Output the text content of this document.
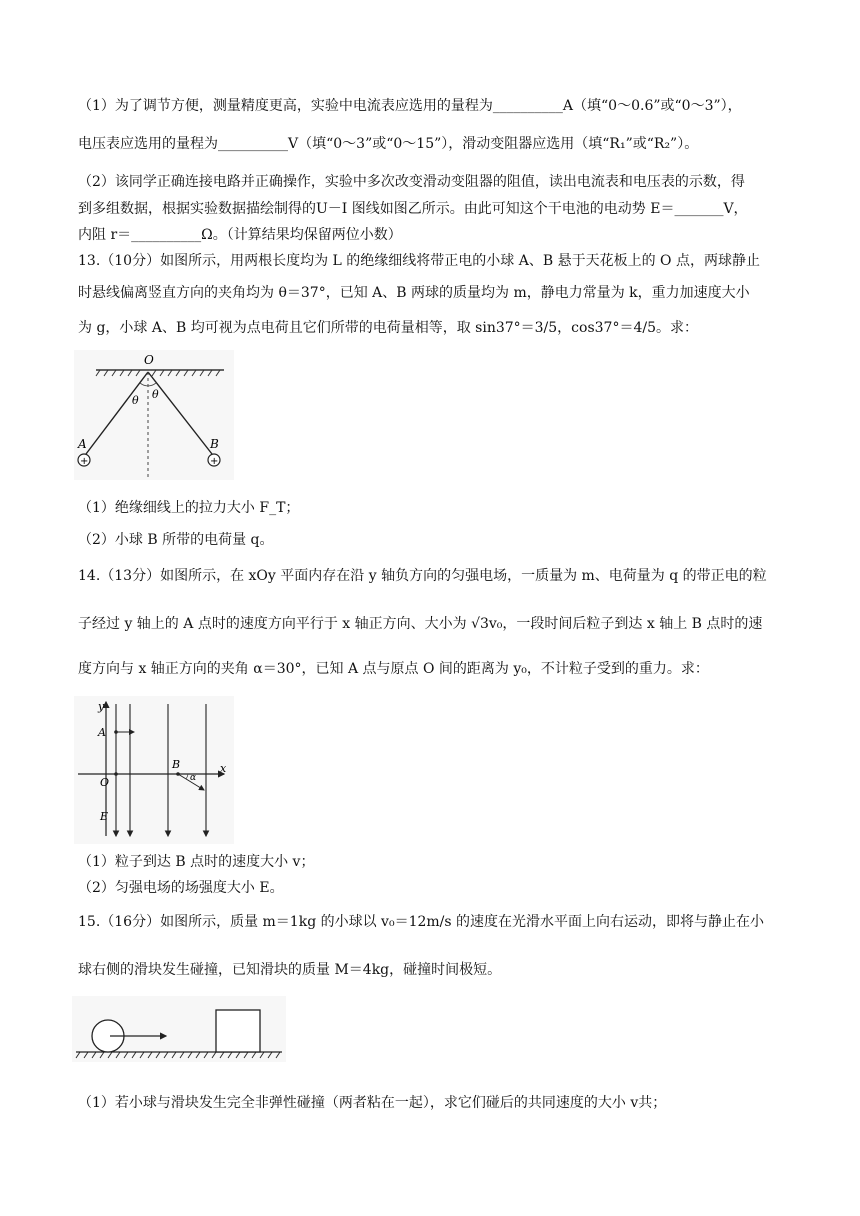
（1）为了调节方便，测量精度更高，实验中电流表应选用的量程为__________A（填“0～0.6”或“0～3”），
电压表应选用的量程为__________V（填“0～3”或“0～15”），滑动变阻器应选用（填“R₁”或“R₂”）。
（2）该同学正确连接电路并正确操作，实验中多次改变滑动变阻器的阻值，读出电流表和电压表的示数，得
到多组数据，根据实验数据描绘制得的U－I 图线如图乙所示。由此可知这个干电池的电动势 E＝_______V，
内阻 r＝__________Ω。（计算结果均保留两位小数）
13.（10分）如图所示，用两根长度均为 L 的绝缘细线将带正电的小球 A、B 悬于天花板上的 O 点，两球静止
时悬线偏离竖直方向的夹角均为 θ＝37°，已知 A、B 两球的质量均为 m，静电力常量为 k，重力加速度大小
为 g，小球 A、B 均可视为点电荷且它们所带的电荷量相等，取 sin37°＝3/5，cos37°＝4/5。求：
O
θ θ
A	B
+	+
（1）绝缘细线上的拉力大小 F_T；
（2）小球 B 所带的电荷量 q。
14.（13分）如图所示，在 xOy 平面内存在沿 y 轴负方向的匀强电场，一质量为 m、电荷量为 q 的带正电的粒
子经过 y 轴上的 A 点时的速度方向平行于 x 轴正方向、大小为 √3v₀，一段时间后粒子到达 x 轴上 B 点时的速
度方向与 x 轴正方向的夹角 α＝30°，已知 A 点与原点 O 间的距离为 y₀，不计粒子受到的重力。求：
y
A
O
B
α
x
E
（1）粒子到达 B 点时的速度大小 v；
（2）匀强电场的场强度大小 E。
15.（16分）如图所示，质量 m＝1kg 的小球以 v₀＝12m/s 的速度在光滑水平面上向右运动，即将与静止在小
球右侧的滑块发生碰撞，已知滑块的质量 M＝4kg，碰撞时间极短。
（1）若小球与滑块发生完全非弹性碰撞（两者粘在一起），求它们碰后的共同速度的大小 v共；
